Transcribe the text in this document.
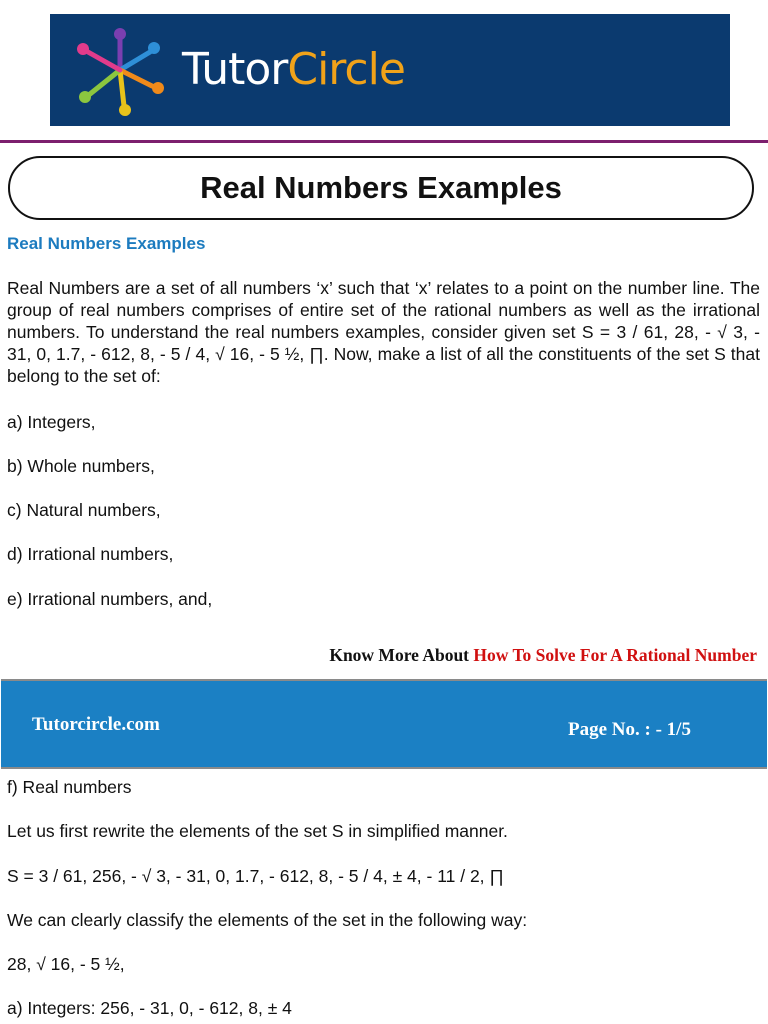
TutorCircle
Real Numbers Examples
Real Numbers Examples
Real Numbers are a set of all numbers ‘x’ such that ‘x’ relates to a point on the number line. The group of real numbers comprises of entire set of the rational numbers as well as the irrational numbers. To understand the real numbers examples, consider given set S = 3 / 61, 28, - √ 3, - 31, 0, 1.7, - 612, 8, - 5 / 4, √ 16, - 5 ½, ∏. Now, make a list of all the constituents of the set S that belong to the set of:
a) Integers,
b) Whole numbers,
c) Natural numbers,
d) Irrational numbers,
e) Irrational numbers, and,
Know More About How To Solve For A Rational Number
Tutorcircle.com	Page No. : - 1/5
f) Real numbers
Let us first rewrite the elements of the set S in simplified manner.
S = 3 / 61, 256, - √ 3, - 31, 0, 1.7, - 612, 8, - 5 / 4, ± 4, - 11 / 2, ∏
We can clearly classify the elements of the set in the following way:
28, √ 16, - 5 ½,
a) Integers: 256, - 31, 0, - 612, 8, ± 4
